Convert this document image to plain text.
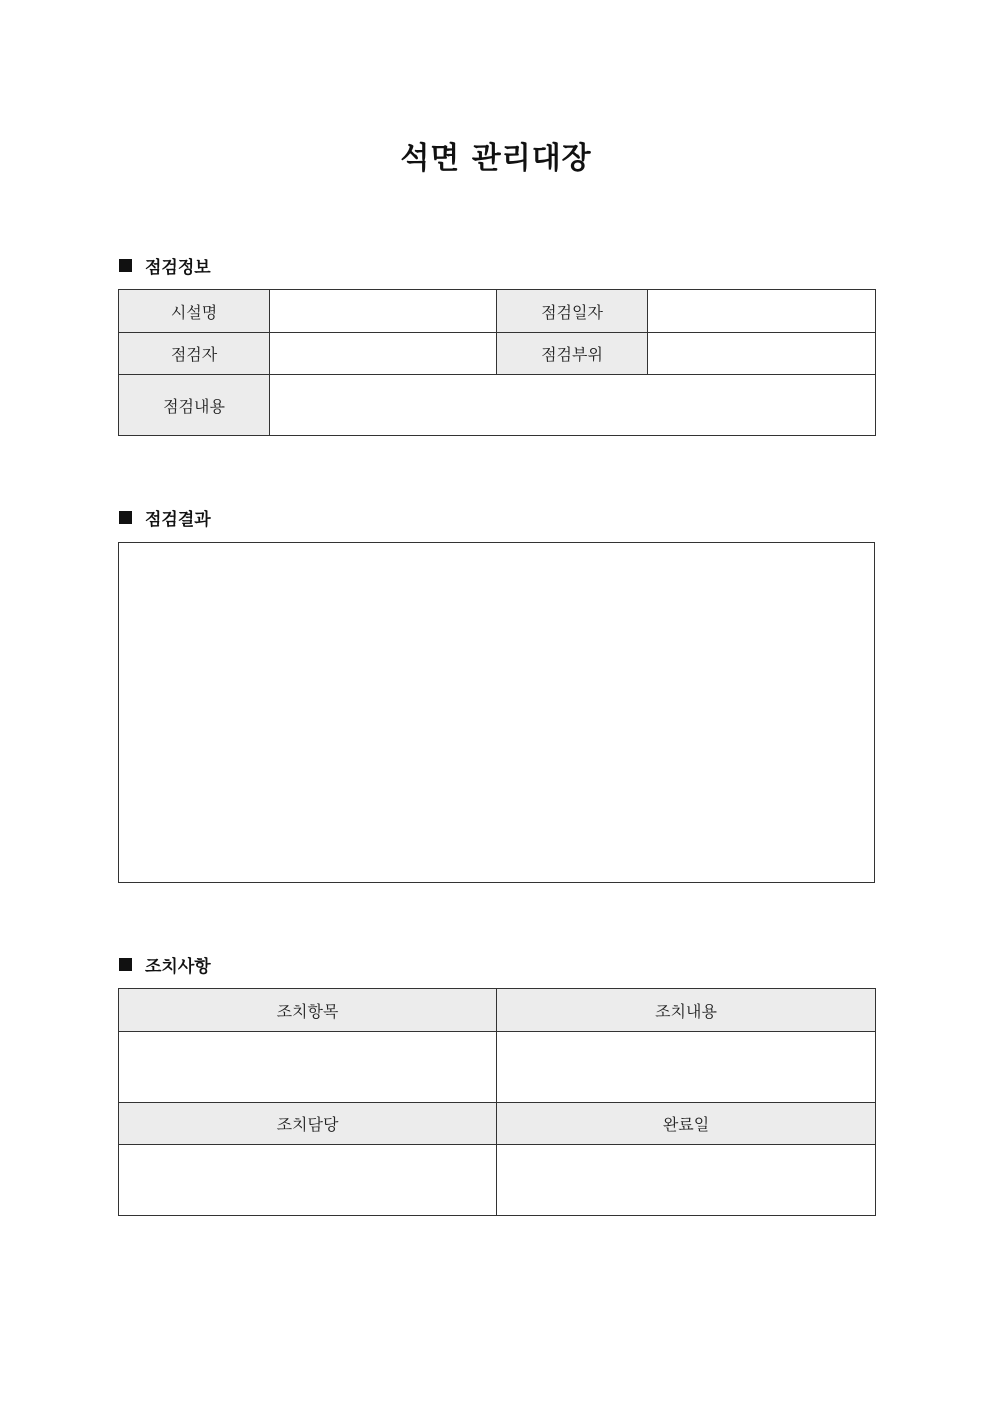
석면 관리대장
점검정보
시설명		점검일자	
점검자		점검부위	
점검내용			
점검결과
조치사항
조치항목	조치내용

조치담당	완료일
